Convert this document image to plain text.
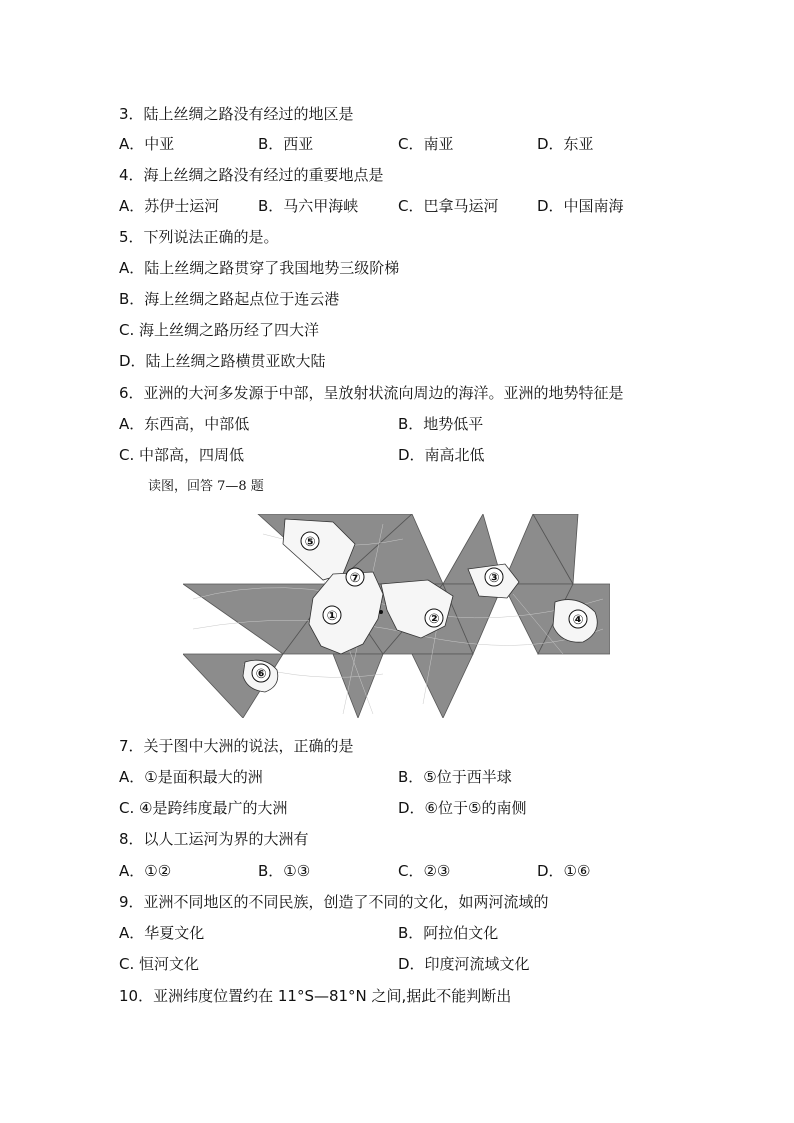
3．陆上丝绸之路没有经过的地区是
A．中亚	B．西亚	C．南亚	D．东亚
4．海上丝绸之路没有经过的重要地点是
A．苏伊士运河	B．马六甲海峡	C．巴拿马运河	D．中国南海
5．下列说法正确的是。
A．陆上丝绸之路贯穿了我国地势三级阶梯
B．海上丝绸之路起点位于连云港
C. 海上丝绸之路历经了四大洋
D．陆上丝绸之路横贯亚欧大陆
6．亚洲的大河多发源于中部，呈放射状流向周边的海洋。亚洲的地势特征是
A．东西高，中部低	B．地势低平
C. 中部高，四周低	D．南高北低
读图，回答 7—8 题
⑤
⑦
①
③
②	④
⑥
7．关于图中大洲的说法，正确的是
A．①是面积最大的洲	B．⑤位于西半球
C. ④是跨纬度最广的大洲	D．⑥位于⑤的南侧
8．以人工运河为界的大洲有
A．①②	B．①③	C．②③	D．①⑥
9．亚洲不同地区的不同民族，创造了不同的文化，如两河流域的
A．华夏文化	B．阿拉伯文化
C. 恒河文化	D．印度河流域文化
10．亚洲纬度位置约在 11°S—81°N 之间,据此不能判断出
